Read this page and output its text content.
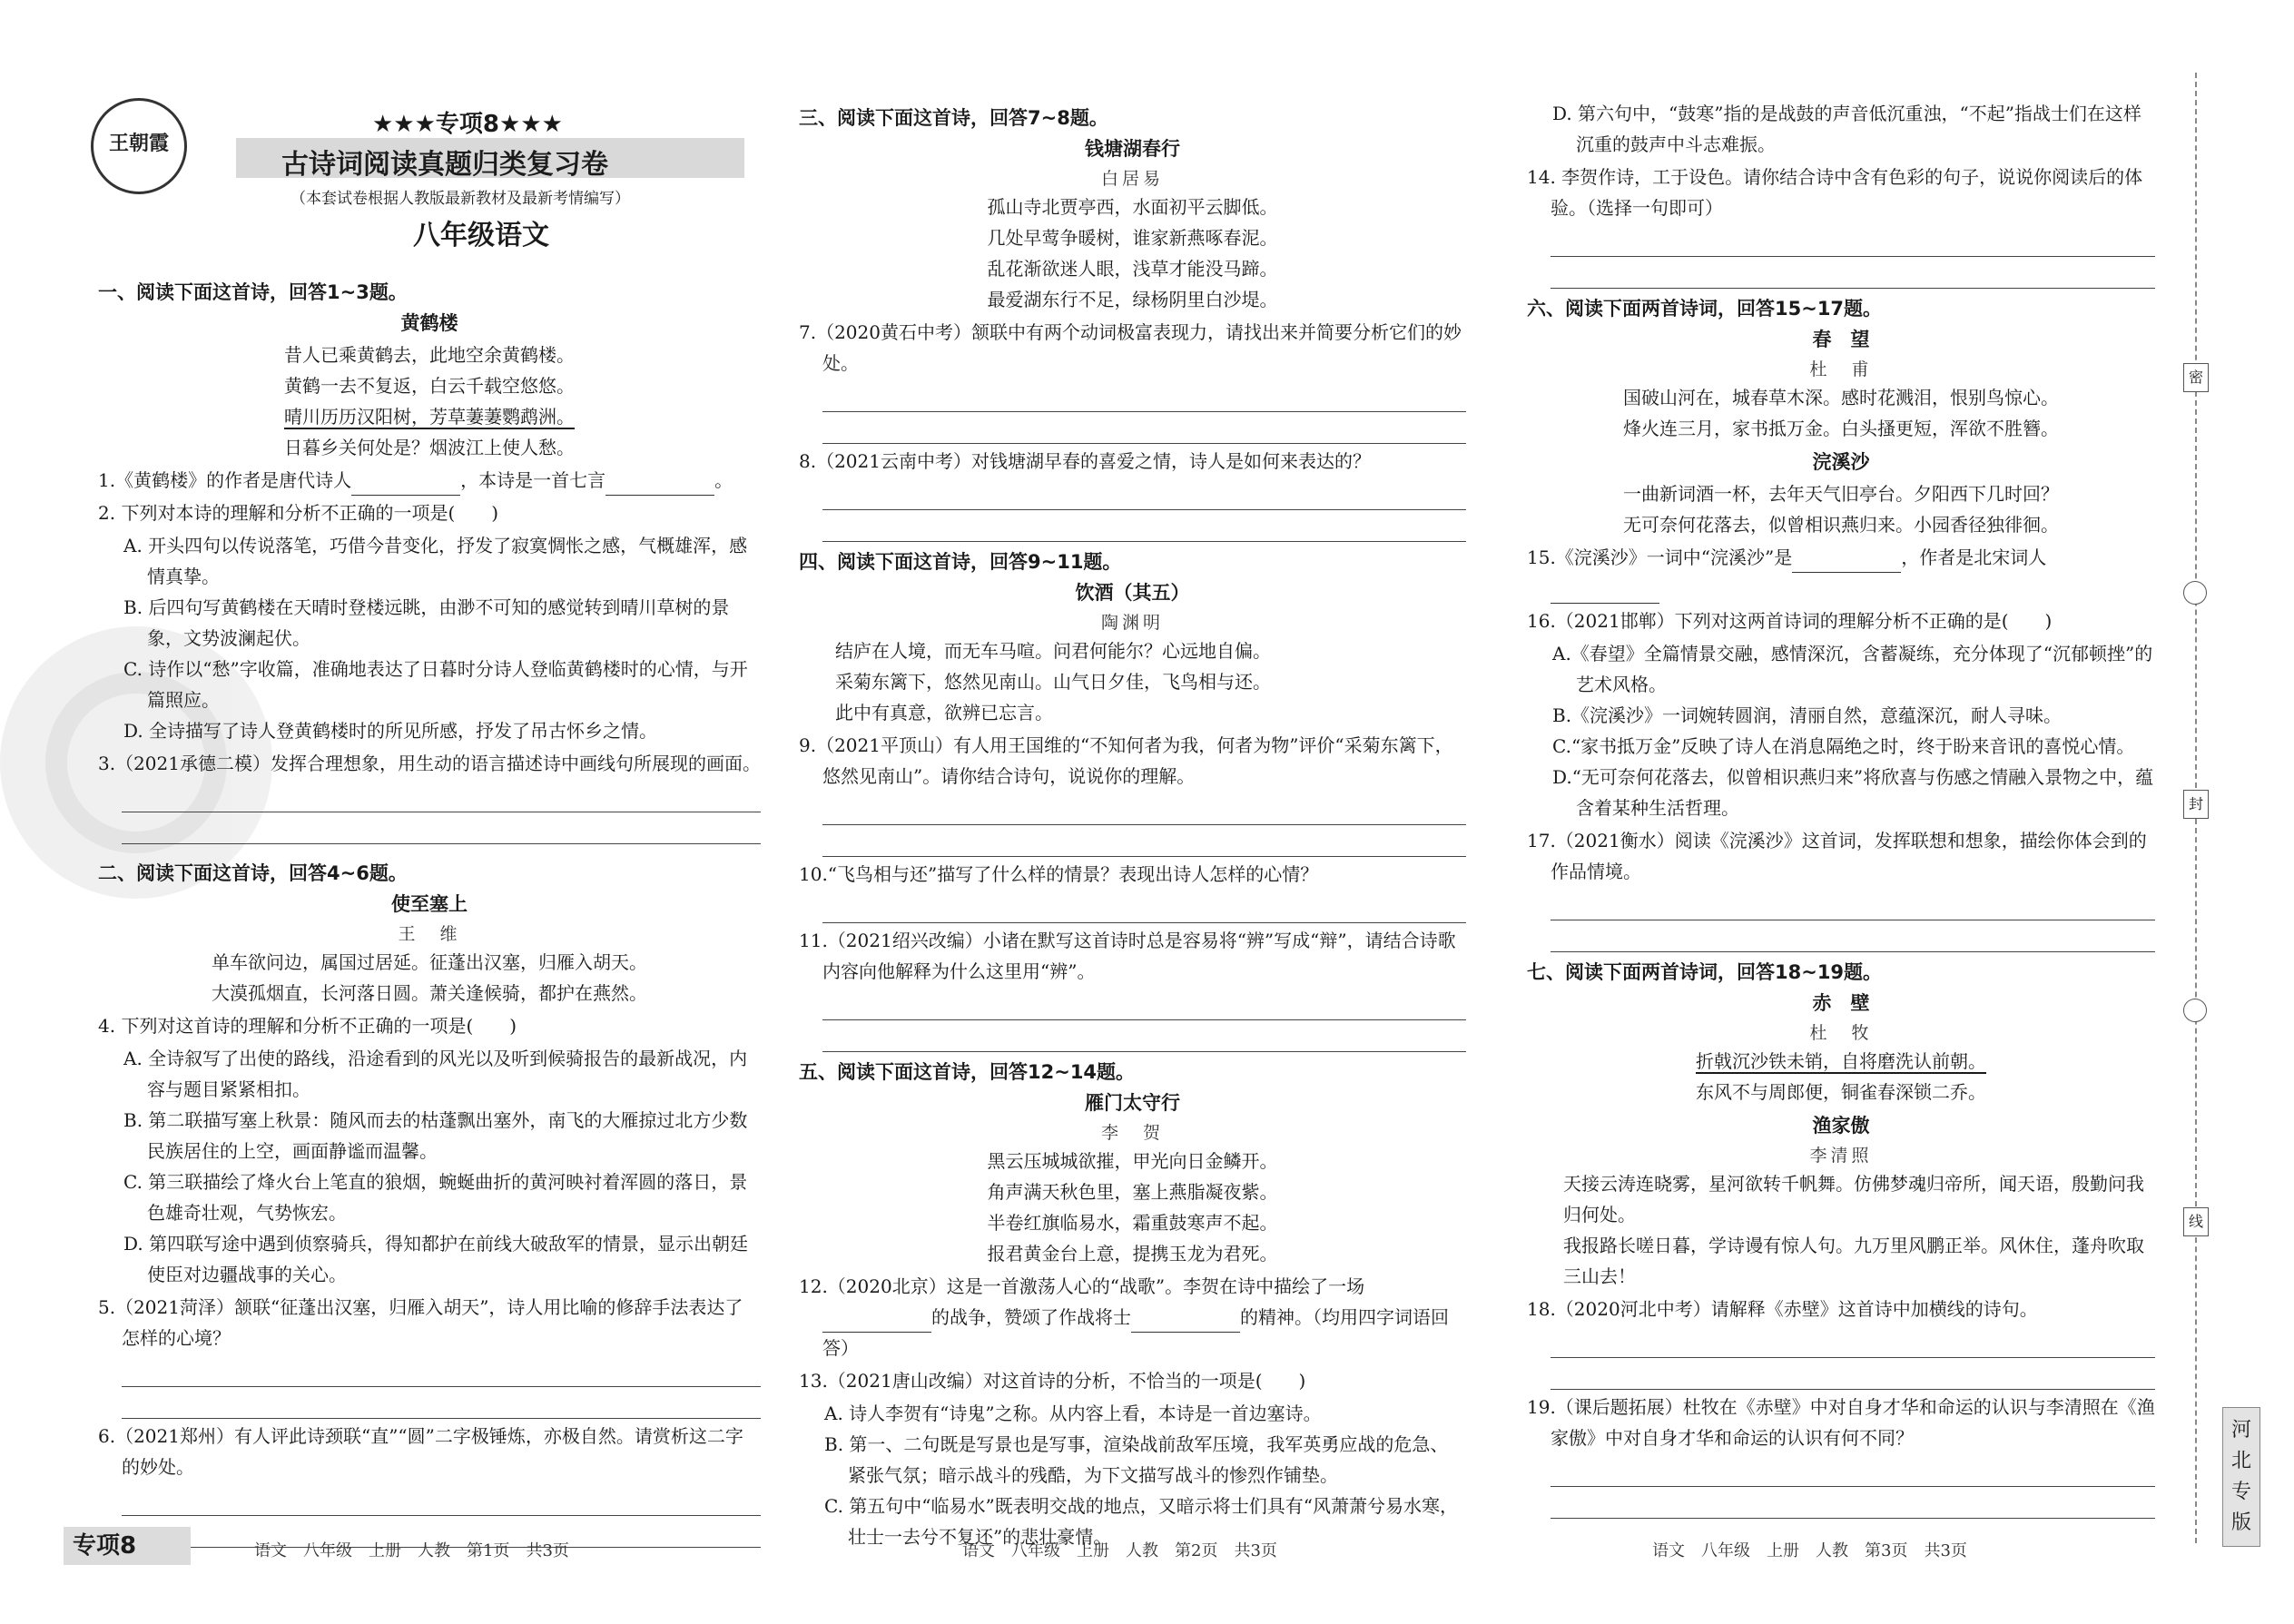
王朝霞
★★★专项8★★★
古诗词阅读真题归类复习卷
（本套试卷根据人教版最新教材及最新考情编写）
八年级语文
一、阅读下面这首诗，回答1~3题。
黄鹤楼
昔人已乘黄鹤去，此地空余黄鹤楼。
黄鹤一去不复返，白云千载空悠悠。
晴川历历汉阳树，芳草萋萋鹦鹉洲。
日暮乡关何处是？烟波江上使人愁。
1.《黄鹤楼》的作者是唐代诗人	，本诗是一首七言	。
2. 下列对本诗的理解和分析不正确的一项是(　　)
A. 开头四句以传说落笔，巧借今昔变化，抒发了寂寞惆怅之感，气概雄浑，感情真挚。
B. 后四句写黄鹤楼在天晴时登楼远眺，由渺不可知的感觉转到晴川草树的景象，文势波澜起伏。
C. 诗作以“愁”字收篇，准确地表达了日暮时分诗人登临黄鹤楼时的心情，与开篇照应。
D. 全诗描写了诗人登黄鹤楼时的所见所感，抒发了吊古怀乡之情。
3.（2021承德二模）发挥合理想象，用生动的语言描述诗中画线句所展现的画面。
二、阅读下面这首诗，回答4~6题。
使至塞上
王　维
单车欲问边，属国过居延。征蓬出汉塞，归雁入胡天。
大漠孤烟直，长河落日圆。萧关逢候骑，都护在燕然。
4. 下列对这首诗的理解和分析不正确的一项是(　　)
A. 全诗叙写了出使的路线，沿途看到的风光以及听到候骑报告的最新战况，内容与题目紧紧相扣。
B. 第二联描写塞上秋景：随风而去的枯蓬飘出塞外，南飞的大雁掠过北方少数民族居住的上空，画面静谧而温馨。
C. 第三联描绘了烽火台上笔直的狼烟，蜿蜒曲折的黄河映衬着浑圆的落日，景色雄奇壮观，气势恢宏。
D. 第四联写途中遇到侦察骑兵，得知都护在前线大破敌军的情景，显示出朝廷使臣对边疆战事的关心。
5.（2021菏泽）颔联“征蓬出汉塞，归雁入胡天”，诗人用比喻的修辞手法表达了怎样的心境？
6.（2021郑州）有人评此诗颈联“直”“圆”二字极锤炼，亦极自然。请赏析这二字的妙处。
三、阅读下面这首诗，回答7~8题。
钱塘湖春行
白居易
孤山寺北贾亭西，水面初平云脚低。
几处早莺争暖树，谁家新燕啄春泥。
乱花渐欲迷人眼，浅草才能没马蹄。
最爱湖东行不足，绿杨阴里白沙堤。
7.（2020黄石中考）颔联中有两个动词极富表现力，请找出来并简要分析它们的妙处。
8.（2021云南中考）对钱塘湖早春的喜爱之情，诗人是如何来表达的？
四、阅读下面这首诗，回答9~11题。
饮酒（其五）
陶渊明
结庐在人境，而无车马喧。问君何能尔？心远地自偏。
采菊东篱下，悠然见南山。山气日夕佳，飞鸟相与还。
此中有真意，欲辨已忘言。
9.（2021平顶山）有人用王国维的“不知何者为我，何者为物”评价“采菊东篱下，悠然见南山”。请你结合诗句，说说你的理解。
10.“飞鸟相与还”描写了什么样的情景？表现出诗人怎样的心情？
11.（2021绍兴改编）小诸在默写这首诗时总是容易将“辨”写成“辩”，请结合诗歌内容向他解释为什么这里用“辨”。
五、阅读下面这首诗，回答12~14题。
雁门太守行
李　贺
黑云压城城欲摧，甲光向日金鳞开。
角声满天秋色里，塞上燕脂凝夜紫。
半卷红旗临易水，霜重鼓寒声不起。
报君黄金台上意，提携玉龙为君死。
12.（2020北京）这是一首激荡人心的“战歌”。李贺在诗中描绘了一场的战争，赞颂了作战将士	的精神。（均用四字词语回答）
13.（2021唐山改编）对这首诗的分析，不恰当的一项是(　　)
A. 诗人李贺有“诗鬼”之称。从内容上看，本诗是一首边塞诗。
B. 第一、二句既是写景也是写事，渲染战前敌军压境，我军英勇应战的危急、紧张气氛；暗示战斗的残酷，为下文描写战斗的惨烈作铺垫。
C. 第五句中“临易水”既表明交战的地点，又暗示将士们具有“风萧萧兮易水寒，壮士一去兮不复还”的悲壮豪情。
D. 第六句中，“鼓寒”指的是战鼓的声音低沉重浊，“不起”指战士们在这样沉重的鼓声中斗志难振。
14. 李贺作诗，工于设色。请你结合诗中含有色彩的句子，说说你阅读后的体验。（选择一句即可）
六、阅读下面两首诗词，回答15~17题。
春　望
杜　甫
国破山河在，城春草木深。感时花溅泪，恨别鸟惊心。
烽火连三月，家书抵万金。白头搔更短，浑欲不胜簪。
浣溪沙
一曲新词酒一杯，去年天气旧亭台。夕阳西下几时回？
无可奈何花落去，似曾相识燕归来。小园香径独徘徊。
15.《浣溪沙》一词中“浣溪沙”是	，作者是北宋词人
16.（2021邯郸）下列对这两首诗词的理解分析不正确的是(　　)
A.《春望》全篇情景交融，感情深沉，含蓄凝练，充分体现了“沉郁顿挫”的艺术风格。
B.《浣溪沙》一词婉转圆润，清丽自然，意蕴深沉，耐人寻味。
C.“家书抵万金”反映了诗人在消息隔绝之时，终于盼来音讯的喜悦心情。
D.“无可奈何花落去，似曾相识燕归来”将欣喜与伤感之情融入景物之中，蕴含着某种生活哲理。
17.（2021衡水）阅读《浣溪沙》这首词，发挥联想和想象，描绘你体会到的作品情境。
七、阅读下面两首诗词，回答18~19题。
赤　壁
杜　牧
折戟沉沙铁未销，自将磨洗认前朝。
东风不与周郎便，铜雀春深锁二乔。
渔家傲
李清照
天接云涛连晓雾，星河欲转千帆舞。仿佛梦魂归帝所，闻天语，殷勤问我归何处。
我报路长嗟日暮，学诗谩有惊人句。九万里风鹏正举。风休住，蓬舟吹取三山去！
18.（2020河北中考）请解释《赤壁》这首诗中加横线的诗句。
19.（课后题拓展）杜牧在《赤壁》中对自身才华和命运的认识与李清照在《渔家傲》中对自身才华和命运的认识有何不同？
专项8	语文　八年级　上册　人教　第1页　共3页	语文　八年级　上册　人教　第2页　共3页	语文　八年级　上册　人教　第3页　共3页
密
封
线
河北专版
